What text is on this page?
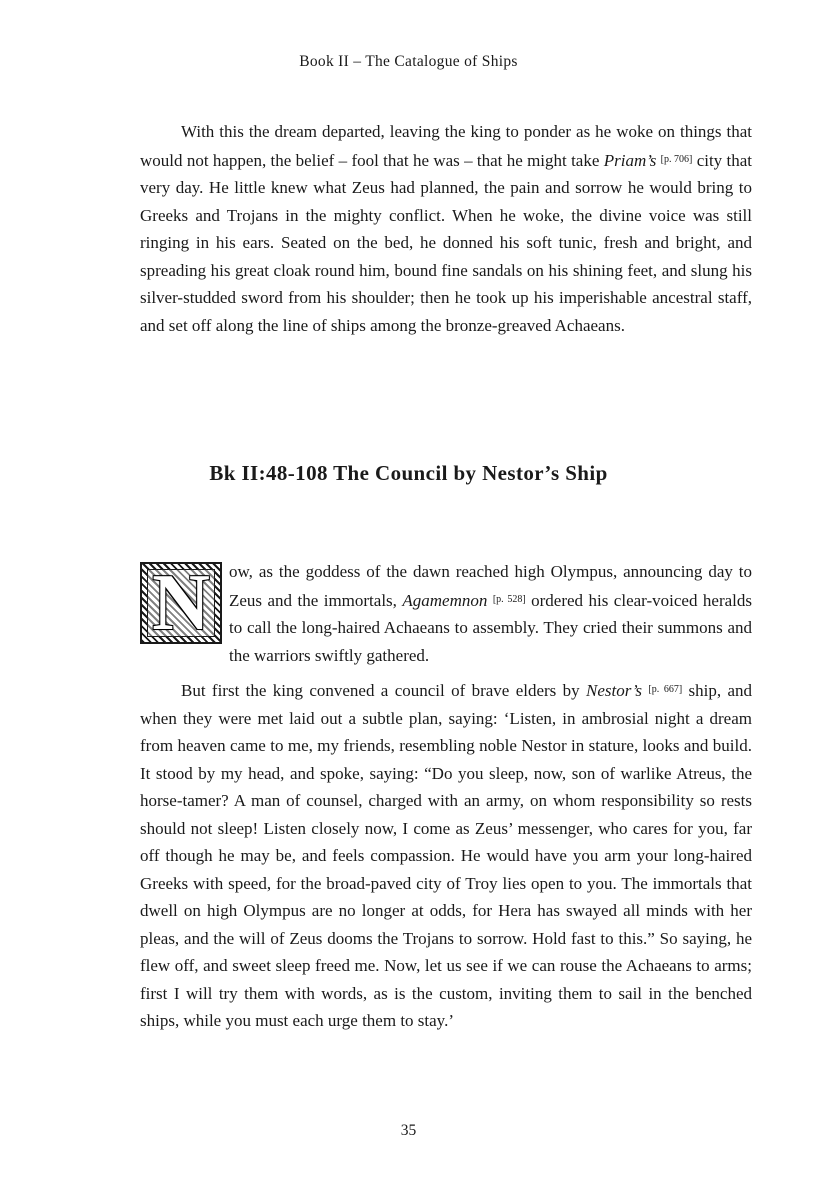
Book II – The Catalogue of Ships

With this the dream departed, leaving the king to ponder as he woke on things that would not happen, the belief – fool that he was – that he might take Priam’s [p. 706] city that very day. He little knew what Zeus had planned, the pain and sorrow he would bring to Greeks and Trojans in the mighty conflict. When he woke, the divine voice was still ringing in his ears. Seated on the bed, he donned his soft tunic, fresh and bright, and spreading his great cloak round him, bound fine sandals on his shining feet, and slung his silver-studded sword from his shoulder; then he took up his imperishable ancestral staff, and set off along the line of ships among the bronze-greaved Achaeans.

Bk II:48-108 The Council by Nestor’s Ship
N	ow, as the goddess of the dawn reached high Olympus, announcing day to Zeus and the immortals, Agamemnon [p. 528] ordered his clear-voiced heralds to call the long-haired Achaeans to assembly. They cried their summons and the warriors swiftly gathered.

But first the king convened a council of brave elders by Nestor’s [p. 667] ship, and when they were met laid out a subtle plan, saying: ‘Listen, in ambrosial night a dream from heaven came to me, my friends, resembling noble Nestor in stature, looks and build. It stood by my head, and spoke, saying: “Do you sleep, now, son of warlike Atreus, the horse-tamer? A man of counsel, charged with an army, on whom responsibility so rests should not sleep! Listen closely now, I come as Zeus’ messenger, who cares for you, far off though he may be, and feels compassion. He would have you arm your long-haired Greeks with speed, for the broad-paved city of Troy lies open to you. The immortals that dwell on high Olympus are no longer at odds, for Hera has swayed all minds with her pleas, and the will of Zeus dooms the Trojans to sorrow. Hold fast to this.” So saying, he flew off, and sweet sleep freed me. Now, let us see if we can rouse the Achaeans to arms; first I will try them with words, as is the custom, inviting them to sail in the benched ships, while you must each urge them to stay.’

35
